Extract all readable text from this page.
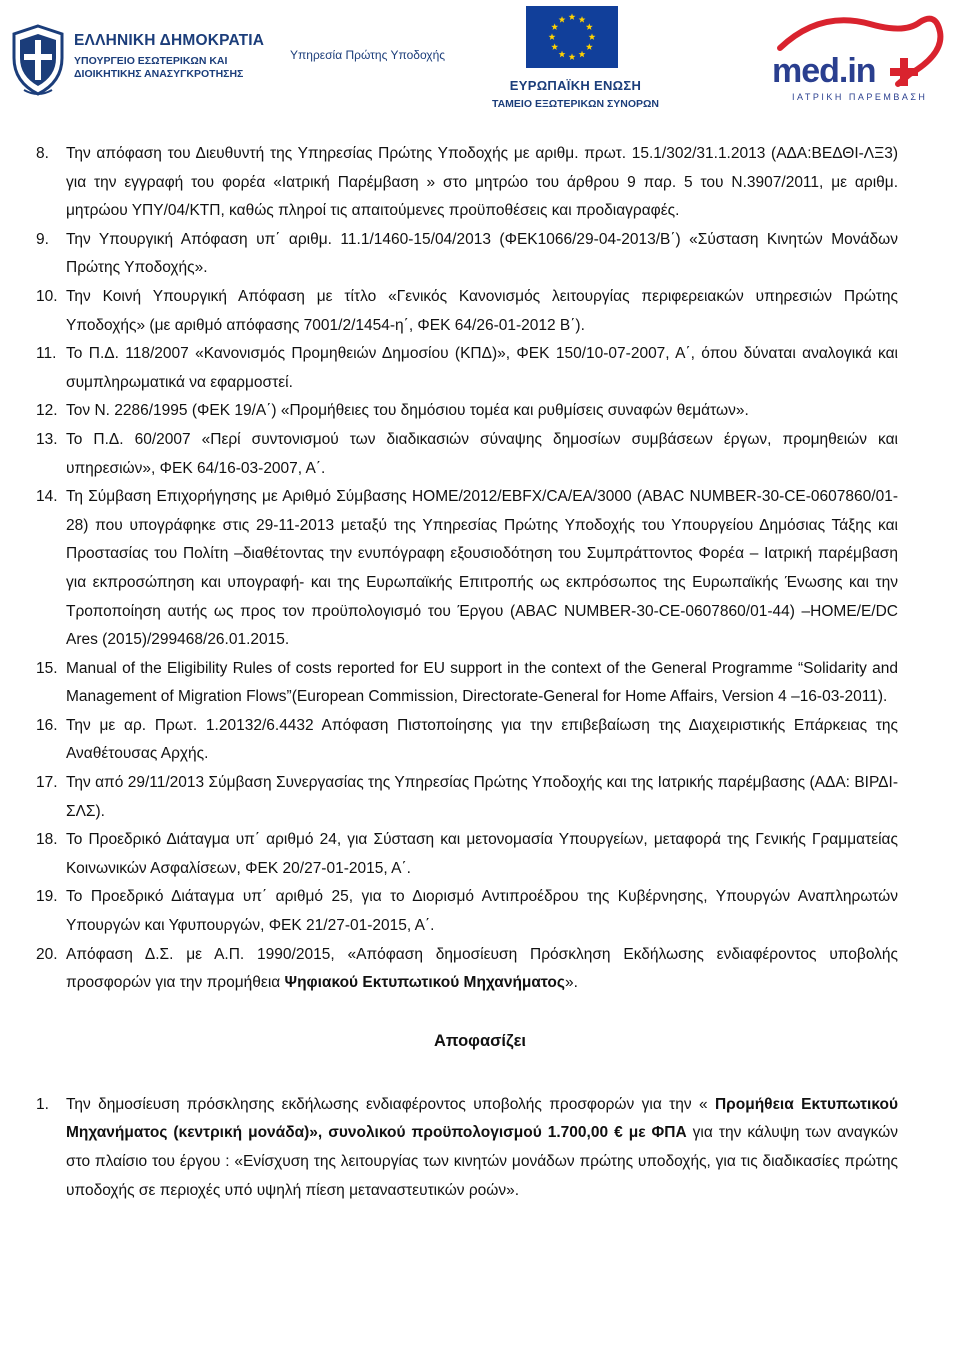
ΕΛΛΗΝΙΚΗ ΔΗΜΟΚΡΑΤΙΑ
ΥΠΟΥΡΓΕΙΟ ΕΣΩΤΕΡΙΚΩΝ ΚΑΙ
ΔΙΟΙΚΗΤΙΚΗΣ ΑΝΑΣΥΓΚΡΟΤΗΣΗΣ
Υπηρεσία Πρώτης Υποδοχής
ΕΥΡΩΠΑΪΚΗ ΕΝΩΣΗ
ΤΑΜΕΙΟ ΕΞΩΤΕΡΙΚΩΝ ΣΥΝΟΡΩΝ
med.in
ΙΑΤΡΙΚΗ ΠΑΡΕΜΒΑΣΗ
8. Την απόφαση του Διευθυντή της Υπηρεσίας Πρώτης Υποδοχής με αριθμ. πρωτ. 15.1/302/31.1.2013 (ΑΔΑ:ΒΕΔΘΙ-ΛΞ3) για την εγγραφή του φορέα «Ιατρική Παρέμβαση » στο μητρώο του άρθρου 9 παρ. 5 του Ν.3907/2011, με αριθμ. μητρώου ΥΠΥ/04/ΚΤΠ, καθώς πληροί τις απαιτούμενες προϋποθέσεις και προδιαγραφές.
9. Την Υπουργική Απόφαση υπ΄ αριθμ. 11.1/1460-15/04/2013 (ΦΕΚ1066/29-04-2013/Β΄) «Σύσταση Κινητών Μονάδων Πρώτης Υποδοχής».
10. Την Κοινή Υπουργική Απόφαση με τίτλο «Γενικός Κανονισμός λειτουργίας περιφερειακών υπηρεσιών Πρώτης Υποδοχής» (με αριθμό απόφασης 7001/2/1454-η΄, ΦΕΚ 64/26-01-2012 Β΄).
11. Το Π.Δ. 118/2007 «Κανονισμός Προμηθειών Δημοσίου (ΚΠΔ)», ΦΕΚ 150/10-07-2007, Α΄, όπου δύναται αναλογικά και συμπληρωματικά να εφαρμοστεί.
12. Τον Ν. 2286/1995 (ΦΕΚ 19/Α΄) «Προμήθειες του δημόσιου τομέα και ρυθμίσεις συναφών θεμάτων».
13. Το Π.Δ. 60/2007 «Περί συντονισμού των διαδικασιών σύναψης δημοσίων συμβάσεων έργων, προμηθειών και υπηρεσιών», ΦΕΚ 64/16-03-2007, Α΄.
14. Τη Σύμβαση Επιχορήγησης με Αριθμό Σύμβασης HOME/2012/EBFX/CA/EA/3000 (ABAC NUMBER-30-CE-0607860/01-28) που υπογράφηκε στις 29-11-2013 μεταξύ της Υπηρεσίας Πρώτης Υποδοχής του Υπουργείου Δημόσιας Τάξης και Προστασίας του Πολίτη –διαθέτοντας την ενυπόγραφη εξουσιοδότηση του Συμπράττοντος Φορέα – Ιατρική παρέμβαση για εκπροσώπηση και υπογραφή- και της Ευρωπαϊκής Επιτροπής ως εκπρόσωπος της Ευρωπαϊκής Ένωσης και την Τροποποίηση αυτής ως προς τον προϋπολογισμό του Έργου (ABAC NUMBER-30-CE-0607860/01-44) –HOME/E/DC Ares (2015)/299468/26.01.2015.
15. Manual of the Eligibility Rules of costs reported for EU support in the context of the General Programme “Solidarity and Management of Migration Flows”(European Commission, Directorate-General for Home Affairs, Version 4 –16-03-2011).
16. Την με αρ. Πρωτ. 1.20132/6.4432 Απόφαση Πιστοποίησης για την επιβεβαίωση της Διαχειριστικής Επάρκειας της Αναθέτουσας Αρχής.
17. Την από 29/11/2013 Σύμβαση Συνεργασίας της Υπηρεσίας Πρώτης Υποδοχής και της Ιατρικής παρέμβασης (ΑΔΑ: ΒΙΡΔΙ-ΣΛΣ).
18. Το Προεδρικό Διάταγμα υπ΄ αριθμό 24, για Σύσταση και μετονομασία Υπουργείων, μεταφορά της Γενικής Γραμματείας Κοινωνικών Ασφαλίσεων, ΦΕΚ 20/27-01-2015, Α΄.
19. Το Προεδρικό Διάταγμα υπ΄ αριθμό 25, για το Διορισμό Αντιπροέδρου της Κυβέρνησης, Υπουργών Αναπληρωτών Υπουργών και Υφυπουργών, ΦΕΚ 21/27-01-2015, Α΄.
20. Απόφαση Δ.Σ. με Α.Π. 1990/2015, «Απόφαση δημοσίευση Πρόσκληση Εκδήλωσης ενδιαφέροντος υποβολής προσφορών για την προμήθεια Ψηφιακού Εκτυπωτικού Μηχανήματος».
Αποφασίζει
1. Την δημοσίευση πρόσκλησης εκδήλωσης ενδιαφέροντος υποβολής προσφορών για την « Προμήθεια Εκτυπωτικού Μηχανήματος (κεντρική μονάδα)», συνολικού προϋπολογισμού 1.700,00 € με ΦΠΑ για την κάλυψη των αναγκών στο πλαίσιο του έργου : «Ενίσχυση της λειτουργίας των κινητών μονάδων πρώτης υποδοχής, για τις διαδικασίες πρώτης υποδοχής σε περιοχές υπό υψηλή πίεση μεταναστευτικών ροών».
